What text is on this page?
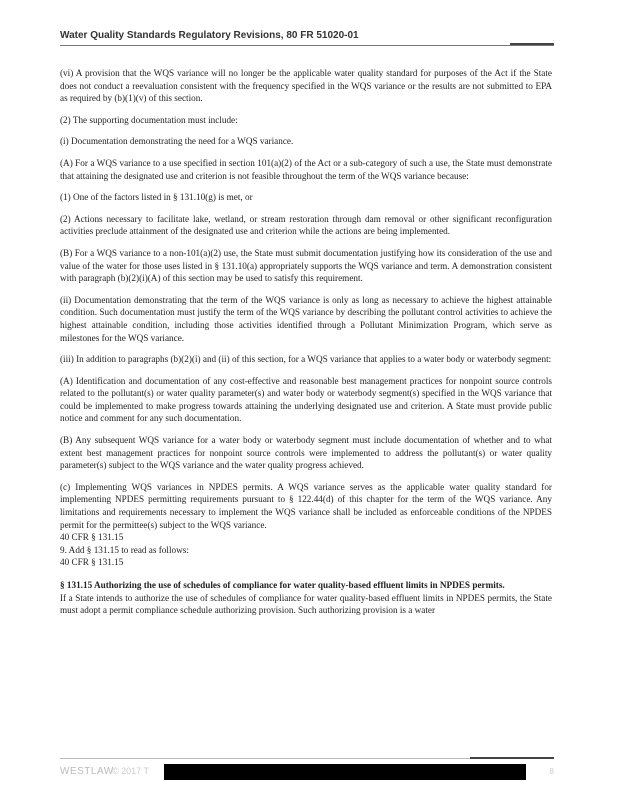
Water Quality Standards Regulatory Revisions, 80 FR 51020-01

(vi) A provision that the WQS variance will no longer be the applicable water quality standard for purposes of the Act if the State does not conduct a reevaluation consistent with the frequency specified in the WQS variance or the results are not submitted to EPA as required by (b)(1)(v) of this section.

(2) The supporting documentation must include:

(i) Documentation demonstrating the need for a WQS variance.

(A) For a WQS variance to a use specified in section 101(a)(2) of the Act or a sub-category of such a use, the State must demonstrate that attaining the designated use and criterion is not feasible throughout the term of the WQS variance because:

(1) One of the factors listed in § 131.10(g) is met, or

(2) Actions necessary to facilitate lake, wetland, or stream restoration through dam removal or other significant reconfiguration activities preclude attainment of the designated use and criterion while the actions are being implemented.

(B) For a WQS variance to a non-101(a)(2) use, the State must submit documentation justifying how its consideration of the use and value of the water for those uses listed in § 131.10(a) appropriately supports the WQS variance and term. A demonstration consistent with paragraph (b)(2)(i)(A) of this section may be used to satisfy this requirement.

(ii) Documentation demonstrating that the term of the WQS variance is only as long as necessary to achieve the highest attainable condition. Such documentation must justify the term of the WQS variance by describing the pollutant control activities to achieve the highest attainable condition, including those activities identified through a Pollutant Minimization Program, which serve as milestones for the WQS variance.

(iii) In addition to paragraphs (b)(2)(i) and (ii) of this section, for a WQS variance that applies to a water body or waterbody segment:

(A) Identification and documentation of any cost-effective and reasonable best management practices for nonpoint source controls related to the pollutant(s) or water quality parameter(s) and water body or waterbody segment(s) specified in the WQS variance that could be implemented to make progress towards attaining the underlying designated use and criterion. A State must provide public notice and comment for any such documentation.

(B) Any subsequent WQS variance for a water body or waterbody segment must include documentation of whether and to what extent best management practices for nonpoint source controls were implemented to address the pollutant(s) or water quality parameter(s) subject to the WQS variance and the water quality progress achieved.

(c) Implementing WQS variances in NPDES permits. A WQS variance serves as the applicable water quality standard for implementing NPDES permitting requirements pursuant to § 122.44(d) of this chapter for the term of the WQS variance. Any limitations and requirements necessary to implement the WQS variance shall be included as enforceable conditions of the NPDES permit for the permittee(s) subject to the WQS variance.

40 CFR § 131.15

9. Add § 131.15 to read as follows:

40 CFR § 131.15

§ 131.15 Authorizing the use of schedules of compliance for water quality-based effluent limits in NPDES permits.

If a State intends to authorize the use of schedules of compliance for water quality-based effluent limits in NPDES permits, the State must adopt a permit compliance schedule authorizing provision. Such authorizing provision is a water

WESTLAW
© 2017 T	8
